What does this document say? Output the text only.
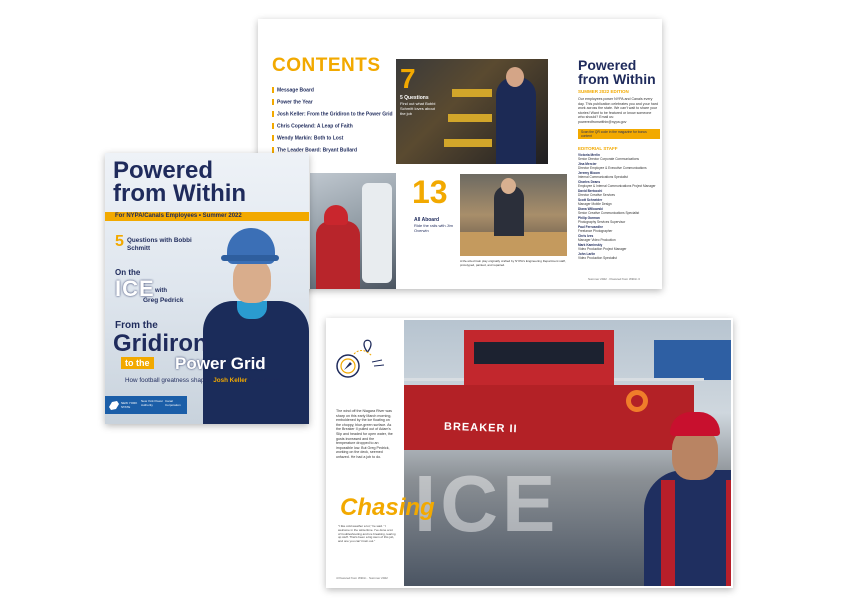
CONTENTS
Message Board
Power the Year
Josh Keller: From the Gridiron to the Power Grid
Chris Copeland: A Leap of Faith
Wendy Markin: Both to Lost
The Leader Board: Bryant Bullard
7
5 Questions
Find out what Bobbi Schmitt loves about the job
13
All Aboard
Ride the rails with Jim Overwin
A life-sized train play originally crafted by NYPA's Engineering Department staff, prototyped, painted, and repaired.
Powered
from Within
SUMMER 2022 EDITION
Our employees power NYPA and Canals every day. This publication celebrates you and your hard work across the state. We can't wait to share your stories! Want to be featured or know someone who should? Email us: poweredfromwithin@nypa.gov
Scan the QR code in the magazine for bonus content
EDITORIAL STAFF
Summer 2022 · Powered from Within 3
Victoria Merlin
Senior Director Corporate Communications
Jina Mercier
Director Employee & Executive Communications
Jeremy Bloom
Internal Communications Specialist
Charles Deans
Employee & Internal Communications Project Manager
David Bertocchi
Director Creative Services
Scott Schneider
Manager Mobile Design
Diana Wilkowski
Senior Creative Communications Specialist
Philip Gorman
Photography Services Supervisor
Paul Ferrusedhe
Freelance Photographer
Chris Ives
Manager Video Production
Mark Kaminskiy
Video Production Project Manager
John Larlin
Video Production Specialist
Powered
from Within
For NYPA/Canals Employees • Summer 2022
5 Questions with Bobbi Schmitt
On the
ICE with
Greg Pedrick
From the
Gridiron
to the Power Grid
How football greatness shaped Josh Keller for success
NEW YORK STATE
New York Power Authority
Canal Corporation
The wind off the Niagara River was sharp on this early March morning, emboldened by the ice floating on the choppy, blue-green surface. As the Breaker II pulled out of Adam's Slip and headed for open water, the gusts increased and the temperature dropped to an impossible low. But Greg Pedrick, working on the deck, seemed unfazed. He had a job to do.
"I like cold weather a lot," he said. "I welcome in the wintertime. I've done a lot of troubleshooting and ice breaking, tearing up stuff. That's been a big stem of this job, and one you can't train out."
4 Powered from Within · Summer 2022
BREAKER II
ICE
Chasing
